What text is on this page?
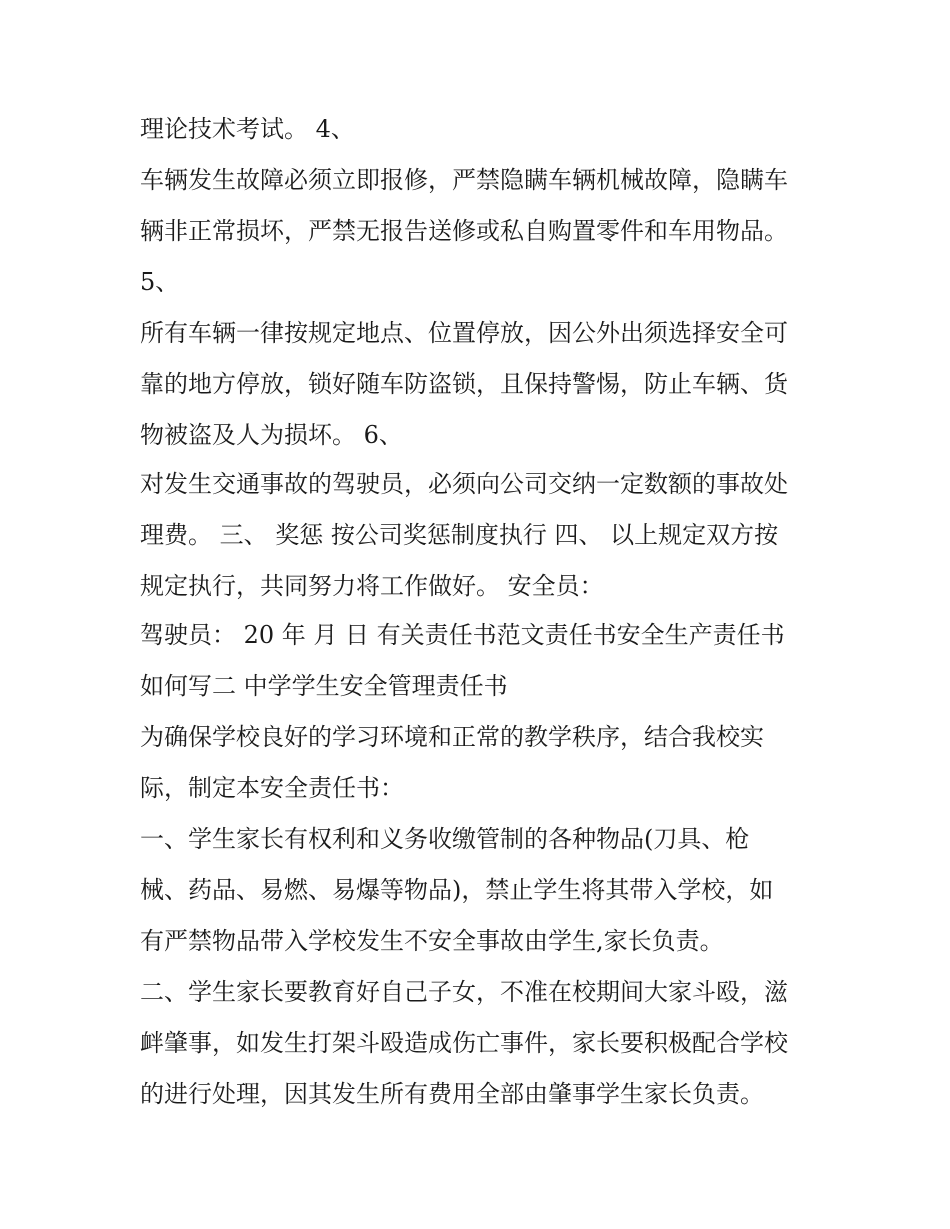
理论技术考试。 4、

车辆发生故障必须立即报修，严禁隐瞒车辆机械故障，隐瞒车

辆非正常损坏，严禁无报告送修或私自购置零件和车用物品。

5、

所有车辆一律按规定地点、位置停放，因公外出须选择安全可

靠的地方停放，锁好随车防盗锁，且保持警惕，防止车辆、货

物被盗及人为损坏。 6、

对发生交通事故的驾驶员，必须向公司交纳一定数额的事故处

理费。 三、 奖惩 按公司奖惩制度执行 四、 以上规定双方按

规定执行，共同努力将工作做好。 安全员：

驾驶员： 20 年 月 日 有关责任书范文责任书安全生产责任书

如何写二 中学学生安全管理责任书

为确保学校良好的学习环境和正常的教学秩序，结合我校实

际，制定本安全责任书：

一、学生家长有权利和义务收缴管制的各种物品(刀具、枪

械、药品、易燃、易爆等物品)，禁止学生将其带入学校，如

有严禁物品带入学校发生不安全事故由学生,家长负责。

二、学生家长要教育好自己子女，不准在校期间大家斗殴，滋

衅肇事，如发生打架斗殴造成伤亡事件，家长要积极配合学校

的进行处理，因其发生所有费用全部由肇事学生家长负责。
